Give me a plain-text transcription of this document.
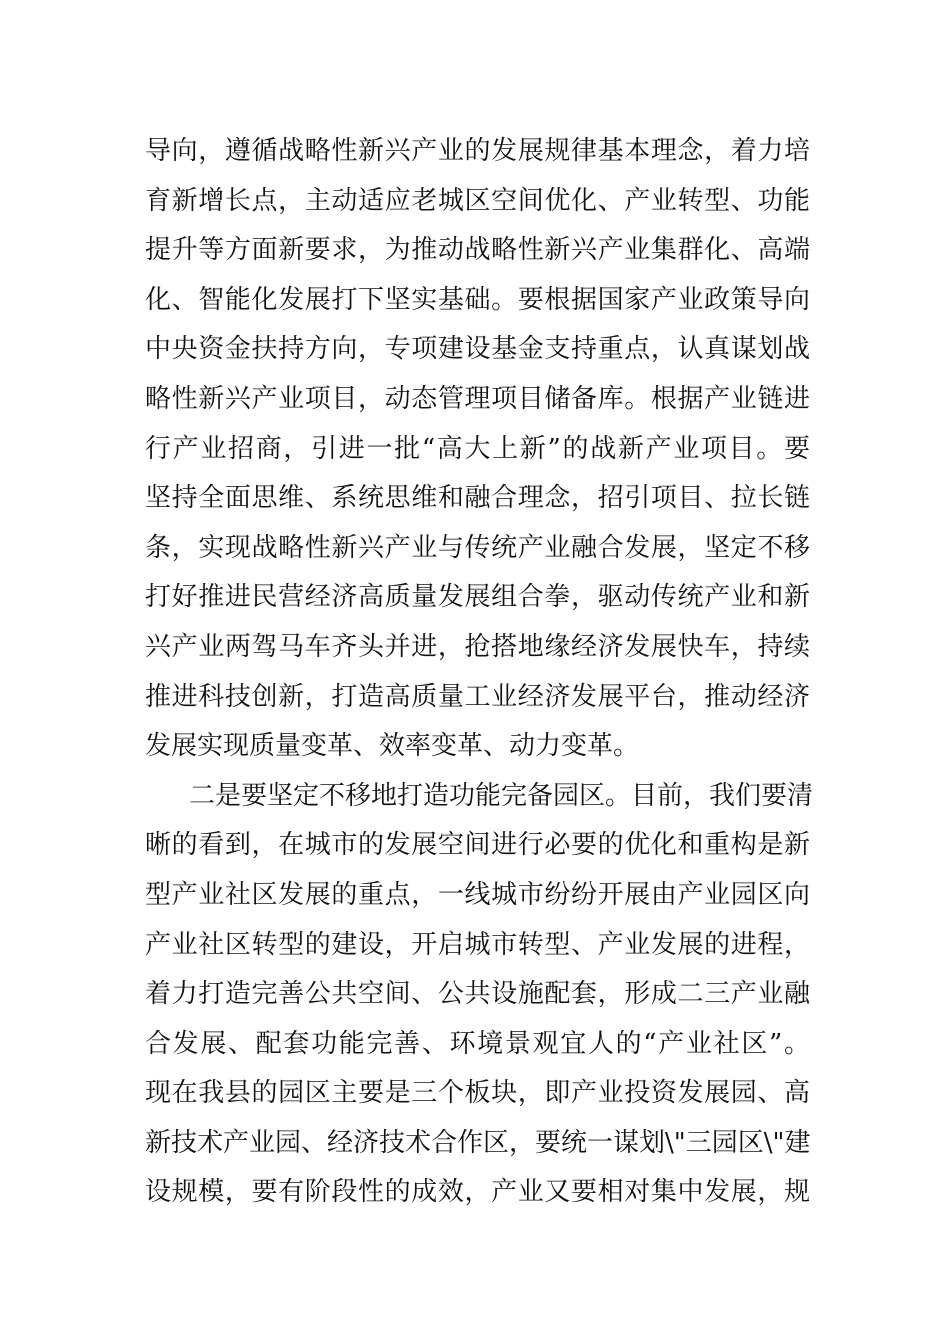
导向，遵循战略性新兴产业的发展规律基本理念，着力培
育新增长点，主动适应老城区空间优化、产业转型、功能
提升等方面新要求，为推动战略性新兴产业集群化、高端
化、智能化发展打下坚实基础。要根据国家产业政策导向
中央资金扶持方向，专项建设基金支持重点，认真谋划战
略性新兴产业项目，动态管理项目储备库。根据产业链进
行产业招商，引进一批“高大上新”的战新产业项目。要
坚持全面思维、系统思维和融合理念，招引项目、拉长链
条，实现战略性新兴产业与传统产业融合发展，坚定不移
打好推进民营经济高质量发展组合拳，驱动传统产业和新
兴产业两驾马车齐头并进，抢搭地缘经济发展快车，持续
推进科技创新，打造高质量工业经济发展平台，推动经济
发展实现质量变革、效率变革、动力变革。
二是要坚定不移地打造功能完备园区。目前，我们要清
晰的看到，在城市的发展空间进行必要的优化和重构是新
型产业社区发展的重点，一线城市纷纷开展由产业园区向
产业社区转型的建设，开启城市转型、产业发展的进程，
着力打造完善公共空间、公共设施配套，形成二三产业融
合发展、配套功能完善、环境景观宜人的“产业社区”。
现在我县的园区主要是三个板块，即产业投资发展园、高
新技术产业园、经济技术合作区，要统一谋划\"三园区\"建
设规模，要有阶段性的成效，产业又要相对集中发展，规
